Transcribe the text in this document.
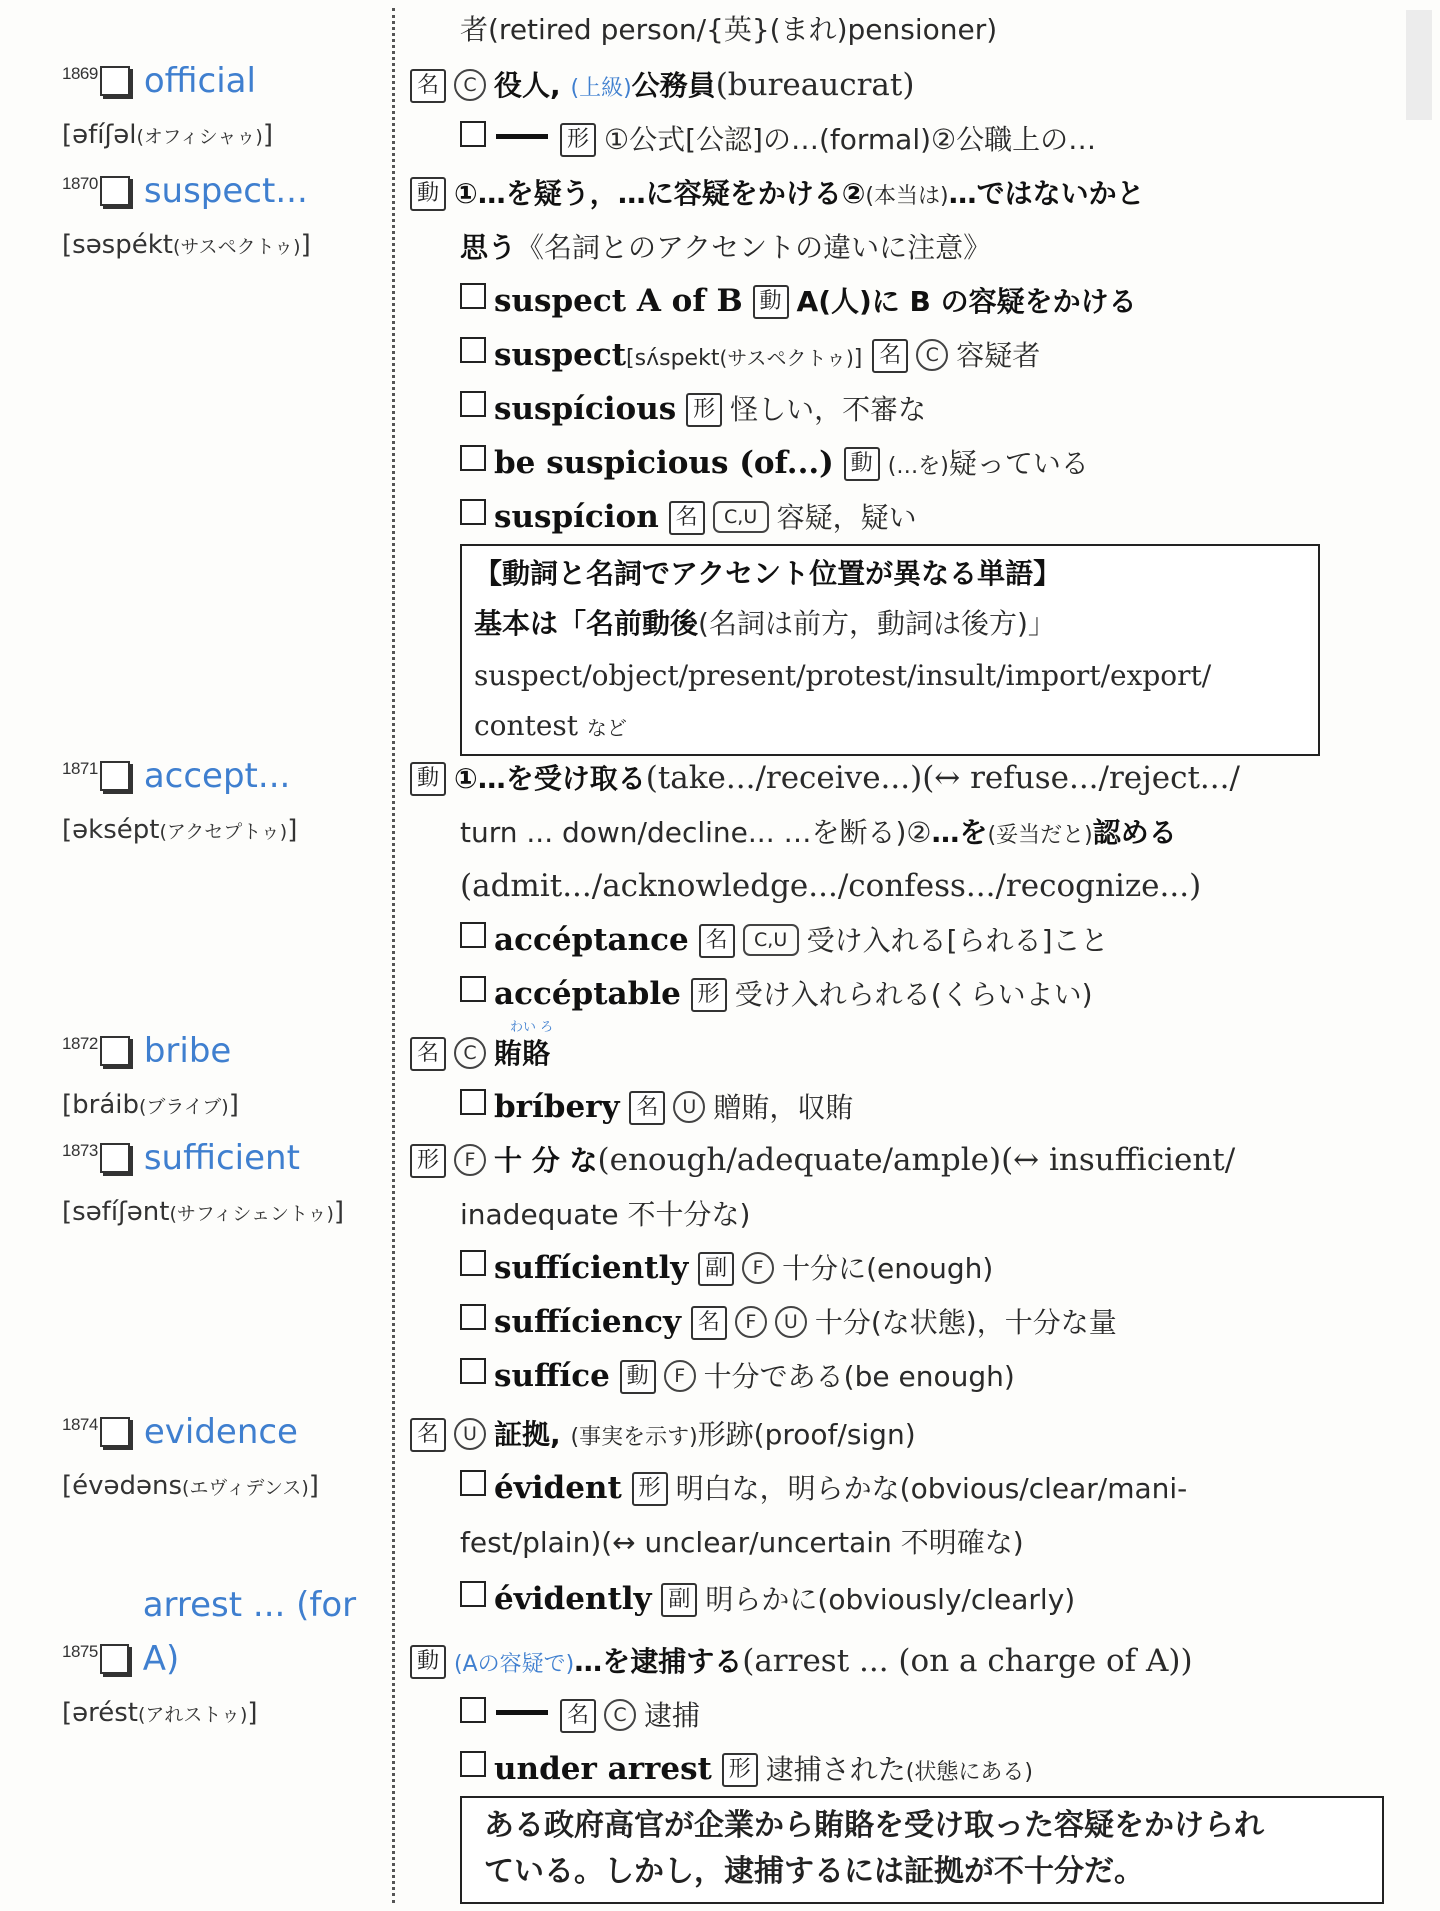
1869 official
[əfíʃəl(オフィシャゥ)]
1870 suspect...
[səspékt(サスペクトゥ)]
1871 accept...
[əksépt(アクセプトゥ)]
1872 bribe
[bráib(ブライブ)]
1873 sufficient
[səfíʃənt(サフィシェントゥ)]
1874 evidence
[évədəns(エヴィデンス)]
1875
arrest ... (for A)
[ərést(アれストゥ)]
者(retired person/{英}(まれ)pensioner)
名 C 役人, (上級)公務員(bureaucrat)
形 ①公式[公認]の…(formal)②公職上の…
動 ①…を疑う，…に容疑をかける②(本当は)…ではないかと
思う《名詞とのアクセントの違いに注意》
suspect A of B 動 A(人)に B の容疑をかける
suspect[sʌ́spekt(サスペクトゥ)] 名 C 容疑者
suspícious 形 怪しい，不審な
be suspicious (of...) 動 (…を)疑っている
suspícion 名 C,U 容疑，疑い
【動詞と名詞でアクセント位置が異なる単語】
基本は「名前動後(名詞は前方，動詞は後方)」
suspect/object/present/protest/insult/import/export/
contest など
動 ①…を受け取る(take.../receive...)(↔ refuse.../reject.../
turn ... down/decline... …を断る)②…を(妥当だと)認める
(admit.../acknowledge.../confess.../recognize...)
accéptance 名 C,U 受け入れる[られる]こと
accéptable 形 受け入れられる(くらいよい)
わい ろ
名 C 賄賂
bríbery 名 U 贈賄，収賄
形 F 十 分 な(enough/adequate/ample)(↔ insufficient/
inadequate 不十分な)
suffíciently 副 F 十分に(enough)
suffíciency 名 F U 十分(な状態)，十分な量
suffíce 動 F 十分である(be enough)
名 U 証拠, (事実を示す)形跡(proof/sign)
évident 形 明白な，明らかな(obvious/clear/mani-
fest/plain)(↔ unclear/uncertain 不明確な)
évidently 副 明らかに(obviously/clearly)
動 (Aの容疑で)…を逮捕する(arrest ... (on a charge of A))
名 C 逮捕
under arrest 形 逮捕された(状態にある)
ある政府高官が企業から賄賂を受け取った容疑をかけられ
ている。しかし，逮捕するには証拠が不十分だ。
